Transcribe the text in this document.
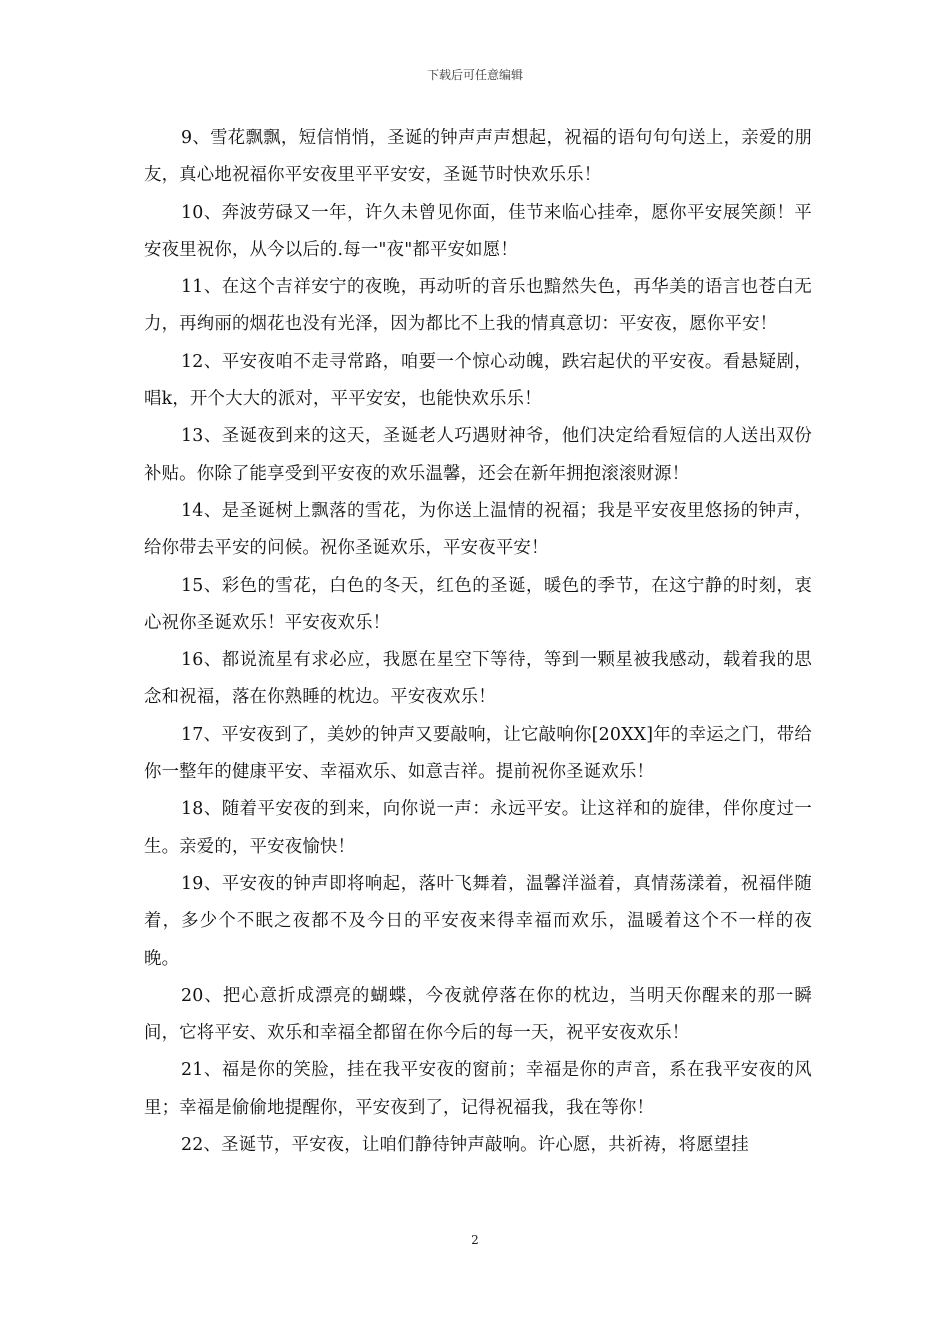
下载后可任意编辑

9、雪花飘飘，短信悄悄，圣诞的钟声声声想起，祝福的语句句句送上，亲爱的朋友，真心地祝福你平安夜里平平安安，圣诞节时快欢乐乐！

10、奔波劳碌又一年，许久未曾见你面，佳节来临心挂牵，愿你平安展笑颜！平安夜里祝你，从今以后的.每一"夜"都平安如愿！

11、在这个吉祥安宁的夜晚，再动听的音乐也黯然失色，再华美的语言也苍白无力，再绚丽的烟花也没有光泽，因为都比不上我的情真意切：平安夜，愿你平安！

12、平安夜咱不走寻常路，咱要一个惊心动魄，跌宕起伏的平安夜。看悬疑剧，唱k，开个大大的派对，平平安安，也能快欢乐乐！

13、圣诞夜到来的这天，圣诞老人巧遇财神爷，他们决定给看短信的人送出双份补贴。你除了能享受到平安夜的欢乐温馨，还会在新年拥抱滚滚财源！

14、是圣诞树上飘落的雪花，为你送上温情的祝福；我是平安夜里悠扬的钟声，给你带去平安的问候。祝你圣诞欢乐，平安夜平安！

15、彩色的雪花，白色的冬天，红色的圣诞，暖色的季节，在这宁静的时刻，衷心祝你圣诞欢乐！平安夜欢乐！

16、都说流星有求必应，我愿在星空下等待，等到一颗星被我感动，载着我的思念和祝福，落在你熟睡的枕边。平安夜欢乐！

17、平安夜到了，美妙的钟声又要敲响，让它敲响你[20XX]年的幸运之门，带给你一整年的健康平安、幸福欢乐、如意吉祥。提前祝你圣诞欢乐！

18、随着平安夜的到来，向你说一声：永远平安。让这祥和的旋律，伴你度过一生。亲爱的，平安夜愉快！

19、平安夜的钟声即将响起，落叶飞舞着，温馨洋溢着，真情荡漾着，祝福伴随着，多少个不眠之夜都不及今日的平安夜来得幸福而欢乐，温暖着这个不一样的夜晚。

20、把心意折成漂亮的蝴蝶，今夜就停落在你的枕边，当明天你醒来的那一瞬间，它将平安、欢乐和幸福全都留在你今后的每一天，祝平安夜欢乐！

21、福是你的笑脸，挂在我平安夜的窗前；幸福是你的声音，系在我平安夜的风里；幸福是偷偷地提醒你，平安夜到了，记得祝福我，我在等你！

22、圣诞节，平安夜，让咱们静待钟声敲响。许心愿，共祈祷，将愿望挂

2
